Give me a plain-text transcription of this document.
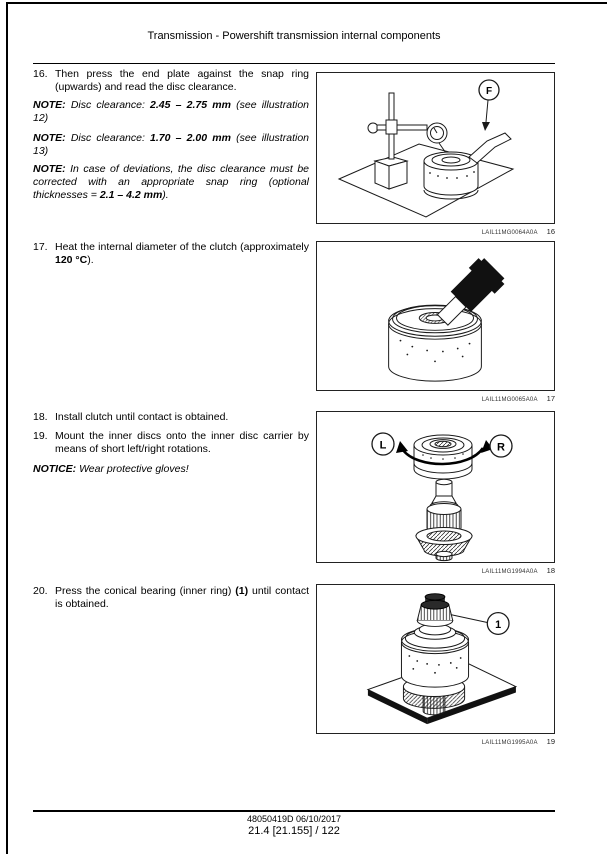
Transmission - Powershift transmission internal components
16. Then press the end plate against the snap ring (upwards) and read the disc clearance.
NOTE: Disc clearance: 2.45 – 2.75 mm (see illustration 12)
NOTE: Disc clearance: 1.70 – 2.00 mm (see illustration 13)
NOTE: In case of deviations, the disc clearance must be corrected with an appropriate snap ring (optional thicknesses = 2.1 – 4.2 mm).
17. Heat the internal diameter of the clutch (approximately 120 °C).
18. Install clutch until contact is obtained.
19. Mount the inner discs onto the inner disc carrier by means of short left/right rotations.
NOTICE: Wear protective gloves!
20. Press the conical bearing (inner ring) (1) until contact is obtained.
F
LAIL11MG0064A0A 16
LAIL11MG0065A0A 17
L	R
LAIL11MG1994A0A 18
1
LAIL11MG1995A0A 19
48050419D 06/10/2017
21.4 [21.155] / 122
